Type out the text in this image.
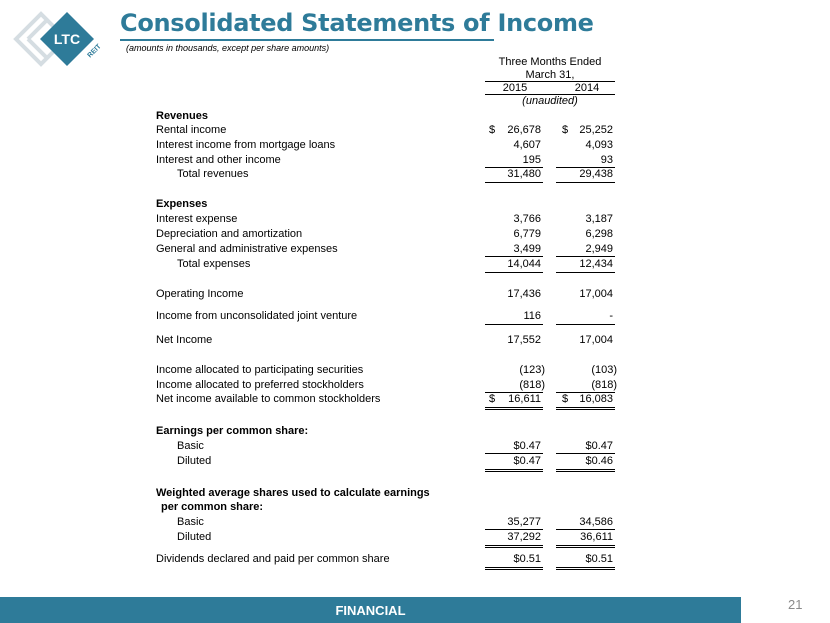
LTC
REIT
Consolidated Statements of Income
(amounts in thousands, except per share amounts)
Three Months Ended
March 31,
2015	2014
(unaudited)
Revenues
Rental income	$	26,678 $	25,252
Interest income from mortgage loans	4,607	4,093
Interest and other income	195	93
Total revenues	31,480	29,438
Expenses
Interest expense	3,766	3,187
Depreciation and amortization	6,779	6,298
General and administrative expenses	3,499	2,949
Total expenses	14,044	12,434
Operating Income	17,436	17,004
Income from unconsolidated joint venture	116	-
Net Income	17,552	17,004
Income allocated to participating securities	(123)	(103)
Income allocated to preferred stockholders	(818)	(818)
Net income available to common stockholders	$	16,611 $	16,083
Earnings per common share:
Basic	$0.47	$0.47
Diluted	$0.47	$0.46
Weighted average shares used to calculate earnings
per common share:
Basic	35,277	34,586
Diluted	37,292	36,611
Dividends declared and paid per common share	$0.51	$0.51
FINANCIAL	21
